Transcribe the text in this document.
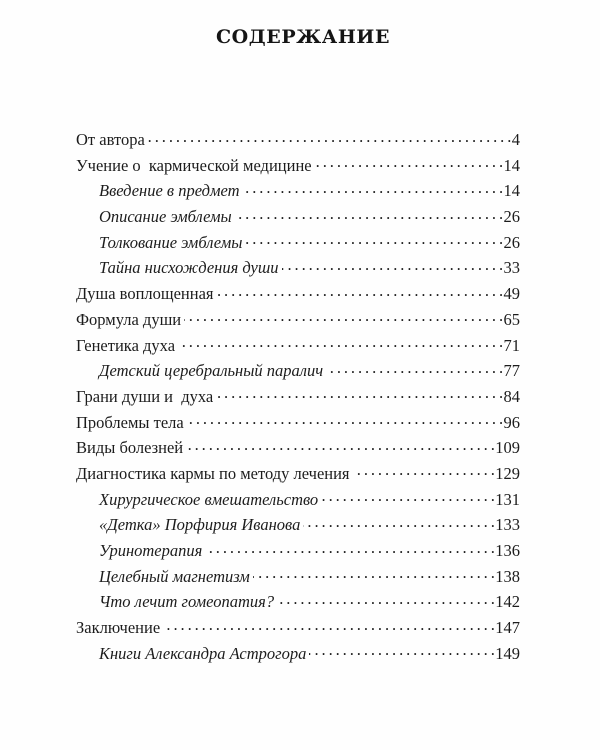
СОДЕРЖАНИЕ
От автора . . .	4
Учение о  кармической медицине . . .	14
Введение в предмет . . .	14
Описание эмблемы . . .	26
Толкование эмблемы . . .	26
Тайна нисхождения души . . .	33
Душа воплощенная . . .	49
Формула души . . .	65
Генетика духа . . .	71
Детский церебральный паралич . . .	77
Грани души и  духа . . .	84
Проблемы тела . . .	96
Виды болезней . . .	109
Диагностика кармы по методу лечения . . .	129
Хирургическое вмешательство . . .	131
«Детка» Порфирия Иванова . . .	133
Уринотерапия . . .	136
Целебный магнетизм . . .	138
Что лечит гомеопатия? . . .	142
Заключение . . .	147
Книги Александра Астрогора . . .	149
